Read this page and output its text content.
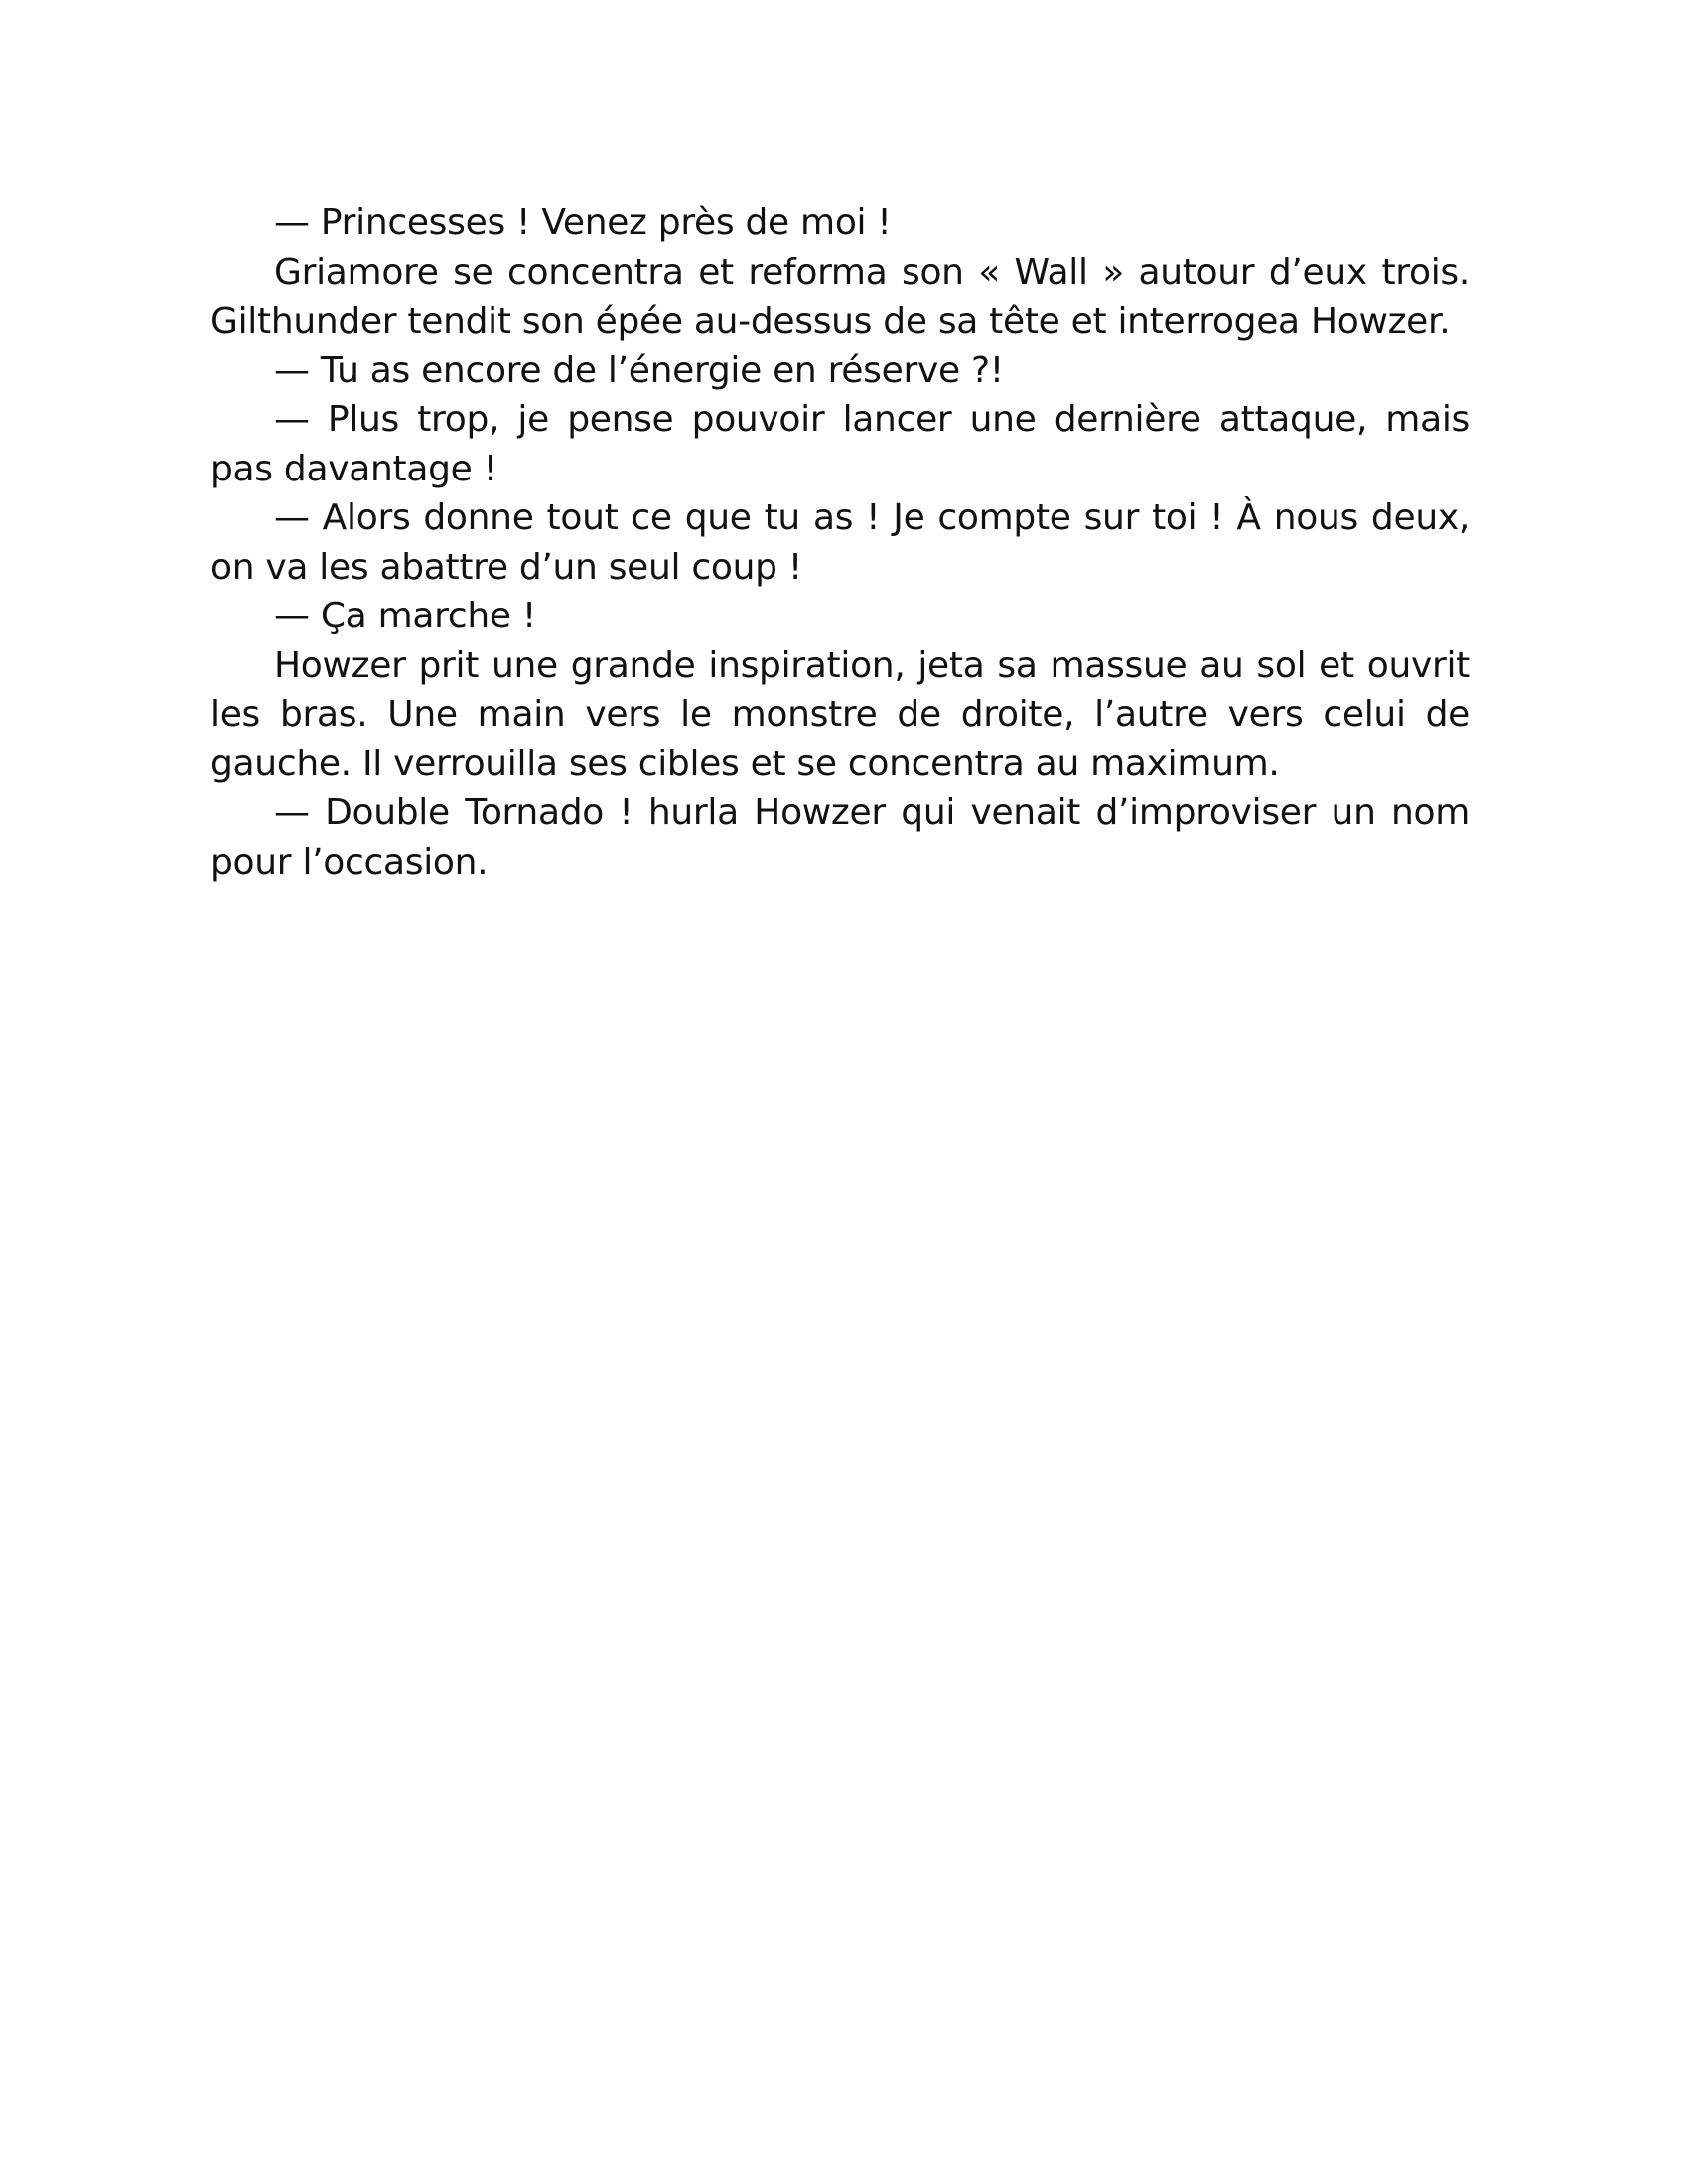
— Princesses ! Venez près de moi !

Griamore se concentra et reforma son « Wall » autour d’eux trois. Gilthunder tendit son épée au-dessus de sa tête et interrogea Howzer.

— Tu as encore de l’énergie en réserve ?!

— Plus trop, je pense pouvoir lancer une dernière attaque, mais pas davantage !

— Alors donne tout ce que tu as ! Je compte sur toi ! À nous deux, on va les abattre d’un seul coup !

— Ça marche !

Howzer prit une grande inspiration, jeta sa massue au sol et ouvrit les bras. Une main vers le monstre de droite, l’autre vers celui de gauche. Il verrouilla ses cibles et se concentra au maximum.

— Double Tornado ! hurla Howzer qui venait d’improviser un nom pour l’occasion.
